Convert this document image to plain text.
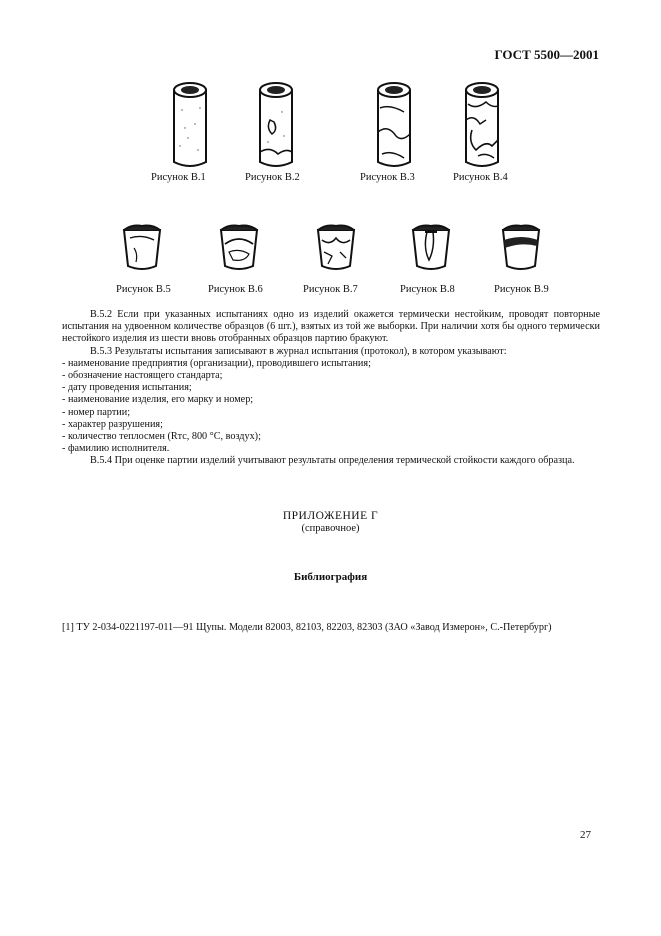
ГОСТ 5500—2001
Рисунок В.1	Рисунок В.2	Рисунок В.3	Рисунок В.4
Рисунок В.5	Рисунок В.6	Рисунок В.7	Рисунок В.8	Рисунок В.9

В.5.2 Если при указанных испытаниях одно из изделий окажется термически нестойким, проводят повторные испытания на удвоенном количестве образцов (6 шт.), взятых из той же выборки. При наличии хотя бы одного термически нестойкого изделия из шести вновь отобранных образцов партию бракуют.

В.5.3 Результаты испытания записывают в журнал испытания (протокол), в котором указывают:

- наименование предприятия (организации), проводившего испытания;

- обозначение настоящего стандарта;

- дату проведения испытания;

- наименование изделия, его марку и номер;

- номер партии;

- характер разрушения;

- количество теплосмен (Rтс, 800 °С, воздух);

- фамилию исполнителя.

В.5.4 При оценке партии изделий учитывают результаты определения термической стойкости каждого образца.

ПРИЛОЖЕНИЕ Г
(справочное)
Библиография
[1] ТУ 2-034-0221197-011—91 Щупы. Модели 82003, 82103, 82203, 82303 (ЗАО «Завод Измерон», С.-Петербург)
27
